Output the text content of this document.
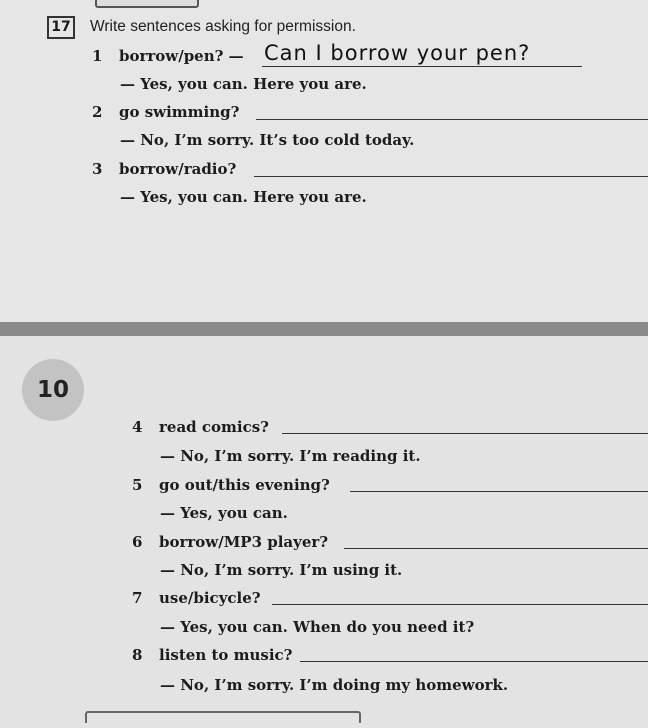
17 Write sentences asking for permission.
1 borrow/pen? — Can I borrow your pen?
— Yes, you can. Here you are.
2 go swimming?
— No, I’m sorry. It’s too cold today.
3 borrow/radio?
— Yes, you can. Here you are.
10
4 read comics?
— No, I’m sorry. I’m reading it.
5 go out/this evening?
— Yes, you can.
6 borrow/MP3 player?
— No, I’m sorry. I’m using it.
7 use/bicycle?
— Yes, you can. When do you need it?
8 listen to music?
— No, I’m sorry. I’m doing my homework.
